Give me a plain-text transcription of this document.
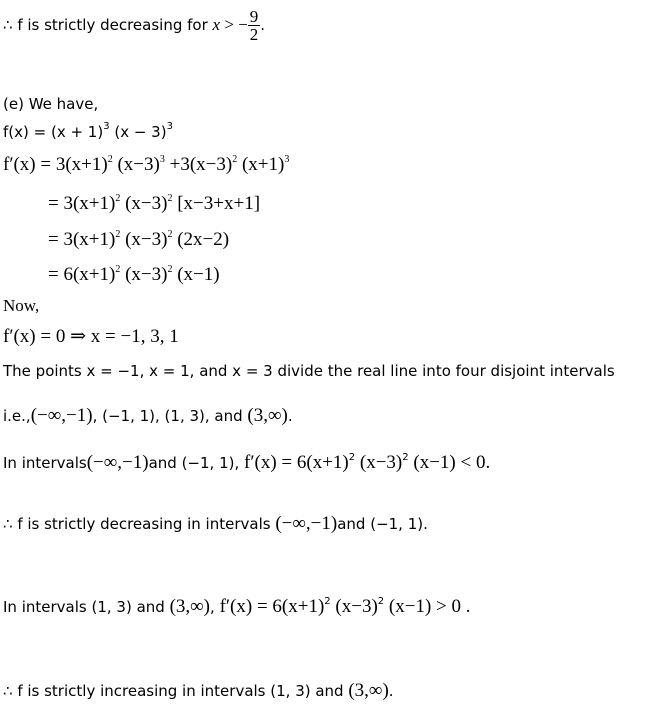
∴ f is strictly decreasing for x > − $\frac{9}{2}$ .
(e) We have,
$f(x) = (x + 1)^3$ $(x - 3)^3$
$f'(x) = 3(x+1)^2$ $(x-3)^3 +3(x-3)^2$ $(x+1)^3$
= $3(x+1)^2$ $(x-3)^2$ [x−3+x+1]
= $3(x+1)^2$ $(x-3)^2$ (2x−2)
= $6(x+1)^2$ $(x-3)^2$ (x−1)
Now,
f′(x) = 0 ⇒ x = −1, 3, 1
The points x = −1, x = 1, and x = 3 divide the real line into four disjoint intervals
i.e.,(−∞,−1), (−1, 1), (1, 3), and (3,∞).
In intervals(−∞,−1)and (−1, 1), $f'(x) = 6(x+1)^2$ $(x-3)^2$ (x−1) < 0.
∴ f is strictly decreasing in intervals (−∞,−1)and (−1, 1).
In intervals (1, 3) and (3,∞), $f'(x) = 6(x+1)^2$ $(x-3)^2$ (x−1) > 0 .
∴ f is strictly increasing in intervals (1, 3) and (3,∞).
